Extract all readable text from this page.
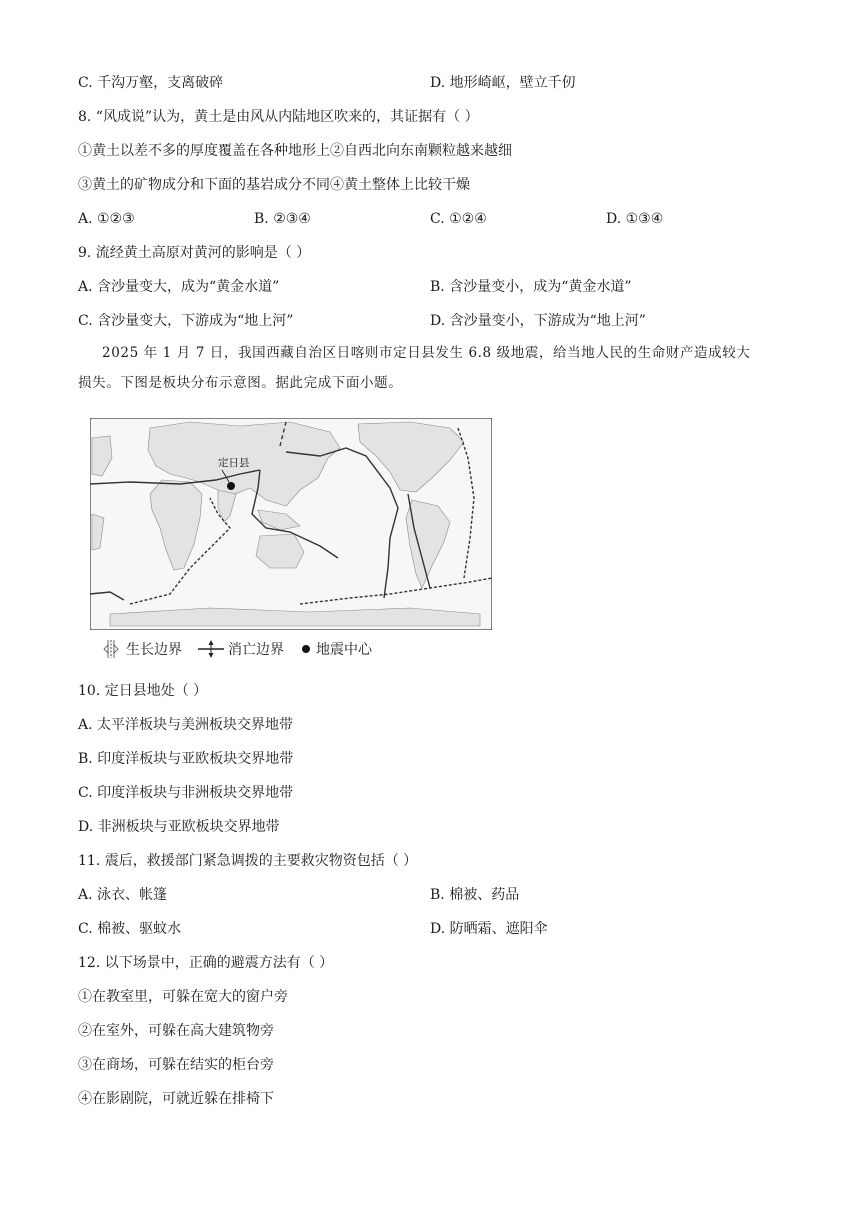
C. 千沟万壑，支离破碎	D. 地形崎岖，壁立千仞
8. “风成说”认为，黄土是由风从内陆地区吹来的，其证据有（ ）
①黄土以差不多的厚度覆盖在各种地形上②自西北向东南颗粒越来越细
③黄土的矿物成分和下面的基岩成分不同④黄土整体上比较干燥
A. ①②③	B. ②③④	C. ①②④	D. ①③④
9. 流经黄土高原对黄河的影响是（ ）
A. 含沙量变大，成为“黄金水道”	B. 含沙量变小，成为“黄金水道”
C. 含沙量变大，下游成为“地上河”	D. 含沙量变小，下游成为“地上河”
2025 年 1 月 7 日，我国西藏自治区日喀则市定日县发生 6.8 级地震，给当地人民的生命财产造成较大
损失。下图是板块分布示意图。据此完成下面小题。
定日县
生长边界	消亡边界 地震中心
10. 定日县地处（ ）
A. 太平洋板块与美洲板块交界地带
B. 印度洋板块与亚欧板块交界地带
C. 印度洋板块与非洲板块交界地带
D. 非洲板块与亚欧板块交界地带
11. 震后，救援部门紧急调拨的主要救灾物资包括（ ）
A. 泳衣、帐篷	B. 棉被、药品
C. 棉被、驱蚊水	D. 防晒霜、遮阳伞
12. 以下场景中，正确的避震方法有（ ）
①在教室里，可躲在宽大的窗户旁
②在室外，可躲在高大建筑物旁
③在商场，可躲在结实的柜台旁
④在影剧院，可就近躲在排椅下
